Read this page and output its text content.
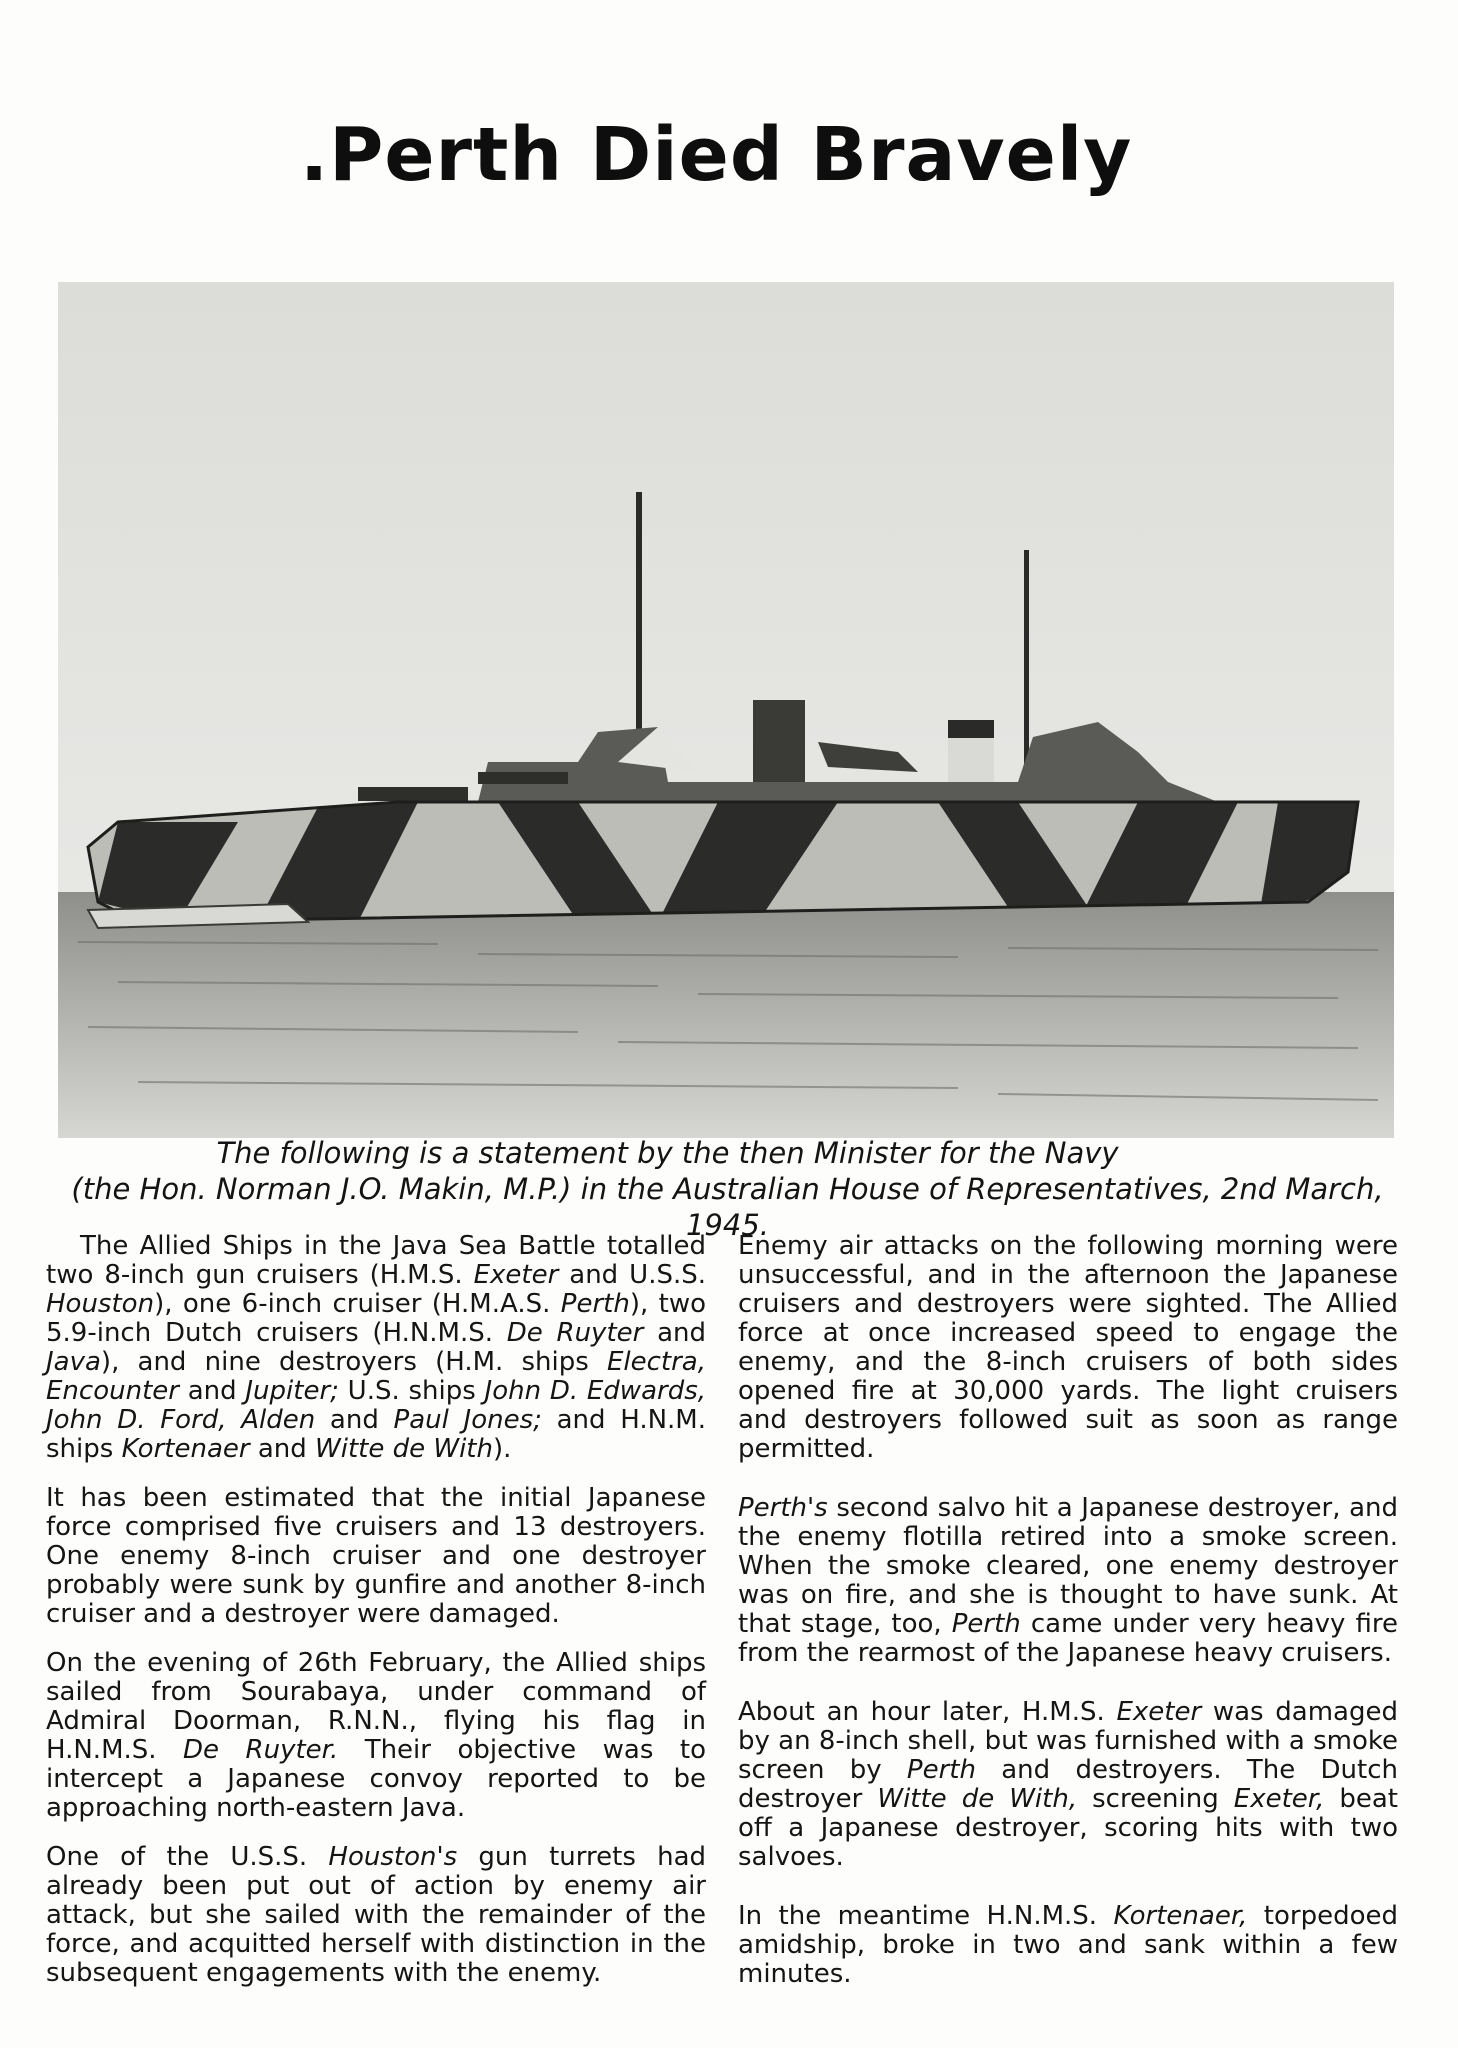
.Perth Died Bravely
The following is a statement by the then Minister for the Navy
(the Hon. Norman J.O. Makin, M.P.) in the Australian House of Representatives, 2nd March, 1945.

The Allied Ships in the Java Sea Battle totalled two 8-inch gun cruisers (H.M.S. Exeter and U.S.S. Houston), one 6-inch cruiser (H.M.A.S. Perth), two 5.9-inch Dutch cruisers (H.N.M.S. De Ruyter and Java), and nine destroyers (H.M. ships Electra, Encounter and Jupiter; U.S. ships John D. Edwards, John D. Ford, Alden and Paul Jones; and H.N.M. ships Kortenaer and Witte de With).

It has been estimated that the initial Japanese force comprised five cruisers and 13 destroyers. One enemy 8-inch cruiser and one destroyer probably were sunk by gunfire and another 8-inch cruiser and a destroyer were damaged.

On the evening of 26th February, the Allied ships sailed from Sourabaya, under command of Admiral Doorman, R.N.N., flying his flag in H.N.M.S. De Ruyter. Their objective was to intercept a Japanese convoy reported to be approaching north-eastern Java.

One of the U.S.S. Houston's gun turrets had already been put out of action by enemy air attack, but she sailed with the remainder of the force, and acquitted herself with distinction in the subsequent engagements with the enemy.

Enemy air attacks on the following morning were unsuccessful, and in the afternoon the Japanese cruisers and destroyers were sighted. The Allied force at once increased speed to engage the enemy, and the 8-inch cruisers of both sides opened fire at 30,000 yards. The light cruisers and destroyers followed suit as soon as range permitted.

Perth's second salvo hit a Japanese destroyer, and the enemy flotilla retired into a smoke screen. When the smoke cleared, one enemy destroyer was on fire, and she is thought to have sunk. At that stage, too, Perth came under very heavy fire from the rearmost of the Japanese heavy cruisers.

About an hour later, H.M.S. Exeter was damaged by an 8-inch shell, but was furnished with a smoke screen by Perth and destroyers. The Dutch destroyer Witte de With, screening Exeter, beat off a Japanese destroyer, scoring hits with two salvoes.

In the meantime H.N.M.S. Kortenaer, torpedoed amidship, broke in two and sank within a few minutes.
